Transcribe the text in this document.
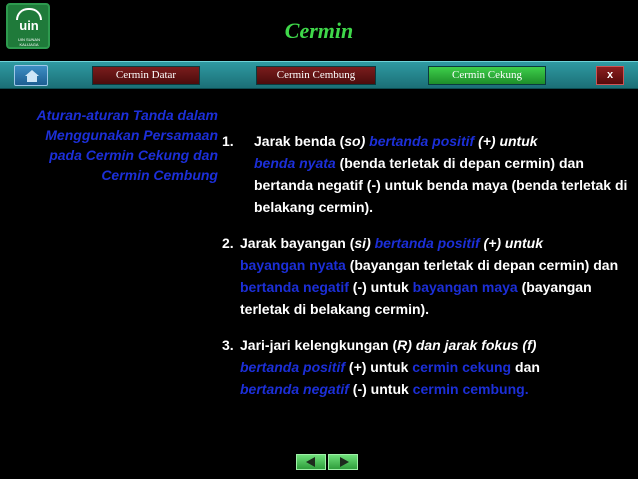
uin
UIN SUNAN KALIJAGA
Cermin
Cermin Datar	Cermin Cembung	Cermin Cekung	x
Aturan-aturan Tanda dalam
Menggunakan Persamaan
pada Cermin Cekung dan
Cermin Cembung
1. Jarak benda (so) bertanda positif (+) untuk
benda nyata (benda terletak di depan cermin) dan bertanda negatif (-) untuk benda maya (benda terletak di belakang cermin).
2. Jarak bayangan (si) bertanda positif (+) untuk
bayangan nyata (bayangan terletak di depan cermin) dan bertanda negatif (-) untuk bayangan maya (bayangan terletak di belakang cermin).
3. Jari-jari kelengkungan (R) dan jarak fokus (f)
bertanda positif (+) untuk cermin cekung dan
bertanda negatif (-) untuk cermin cembung.
